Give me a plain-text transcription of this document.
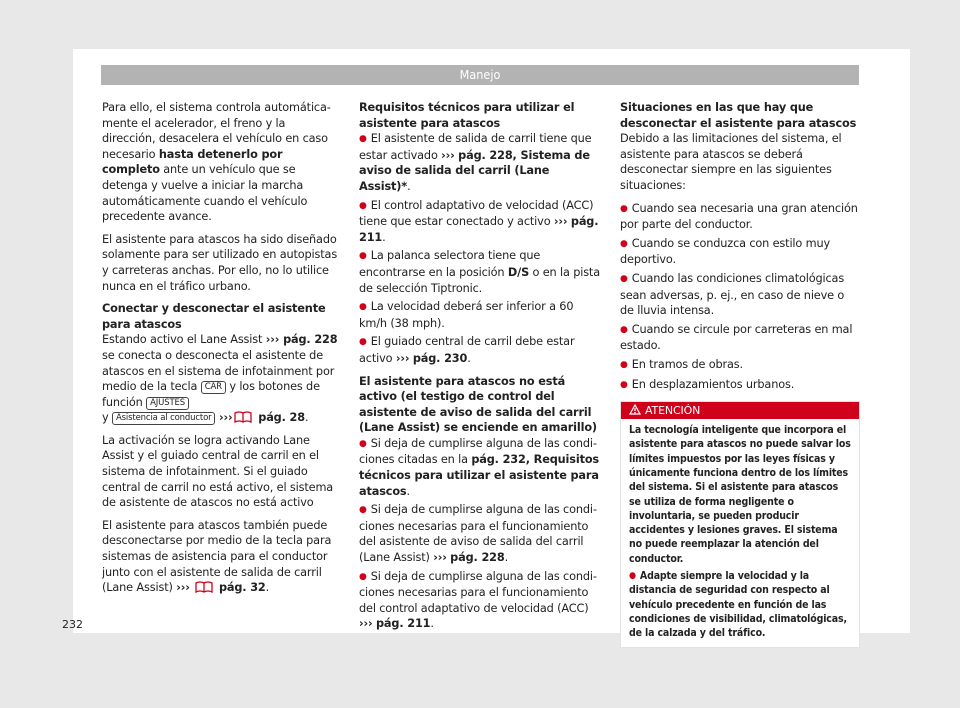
Manejo

Para ello, el sistema controla automáticamente el acelerador, el freno y la dirección, desacelera el vehículo en caso necesario hasta detenerlo por completo ante un vehículo que se detenga y vuelve a iniciar la marcha automáticamente cuando el vehículo precedente avance.

El asistente para atascos ha sido diseñado solamente para ser utilizado en autopistas y carreteras anchas. Por ello, no lo utilice nunca en el tráfico urbano.

Conectar y desconectar el asistente para atascos

Estando activo el Lane Assist ››› pág. 228 se conecta o desconecta el asistente de atascos en el sistema de infotainment por medio de la tecla CAR y los botones de función AJUSTES
y Asistencia al conductor ››› pág. 28.

La activación se logra activando Lane Assist y el guiado central de carril en el sistema de infotainment. Si el guiado central de carril no está activo, el sistema de asistente de atascos no está activo

El asistente para atascos también puede desconectarse por medio de la tecla para sistemas de asistencia para el conductor junto con el asistente de salida de carril (Lane Assist) ›››  pág. 32.

Requisitos técnicos para utilizar el asistente para atascos

● El asistente de salida de carril tiene que estar activado ››› pág. 228, Sistema de aviso de salida del carril (Lane Assist)*.

● El control adaptativo de velocidad (ACC) tiene que estar conectado y activo ››› pág. 211.

● La palanca selectora tiene que encontrarse en la posición D/S o en la pista de selección Tiptronic.

● La velocidad deberá ser inferior a 60 km/h (38 mph).

● El guiado central de carril debe estar activo ››› pág. 230.

El asistente para atascos no está activo (el testigo de control del asistente de aviso de salida del carril (Lane Assist) se enciende en amarillo)

● Si deja de cumplirse alguna de las condiciones citadas en la pág. 232, Requisitos técnicos para utilizar el asistente para atascos.

● Si deja de cumplirse alguna de las condiciones necesarias para el funcionamiento del asistente de aviso de salida del carril (Lane Assist) ››› pág. 228.

● Si deja de cumplirse alguna de las condiciones necesarias para el funcionamiento del control adaptativo de velocidad (ACC) ››› pág. 211.

Situaciones en las que hay que desconectar el asistente para atascos

Debido a las limitaciones del sistema, el asistente para atascos se deberá desconectar siempre en las siguientes situaciones:

● Cuando sea necesaria una gran atención por parte del conductor.

● Cuando se conduzca con estilo muy deportivo.

● Cuando las condiciones climatológicas sean adversas, p. ej., en caso de nieve o de lluvia intensa.

● Cuando se circule por carreteras en mal estado.

● En tramos de obras.

● En desplazamientos urbanos.

ATENCIÓN

La tecnología inteligente que incorpora el asistente para atascos no puede salvar los límites impuestos por las leyes físicas y únicamente funciona dentro de los límites del sistema. Si el asistente para atascos se utiliza de forma negligente o involuntaria, se pueden producir accidentes y lesiones graves. El sistema no puede reemplazar la atención del conductor.

● Adapte siempre la velocidad y la distancia de seguridad con respecto al vehículo precedente en función de las condiciones de visibilidad, climatológicas, de la calzada y del tráfico.

232
